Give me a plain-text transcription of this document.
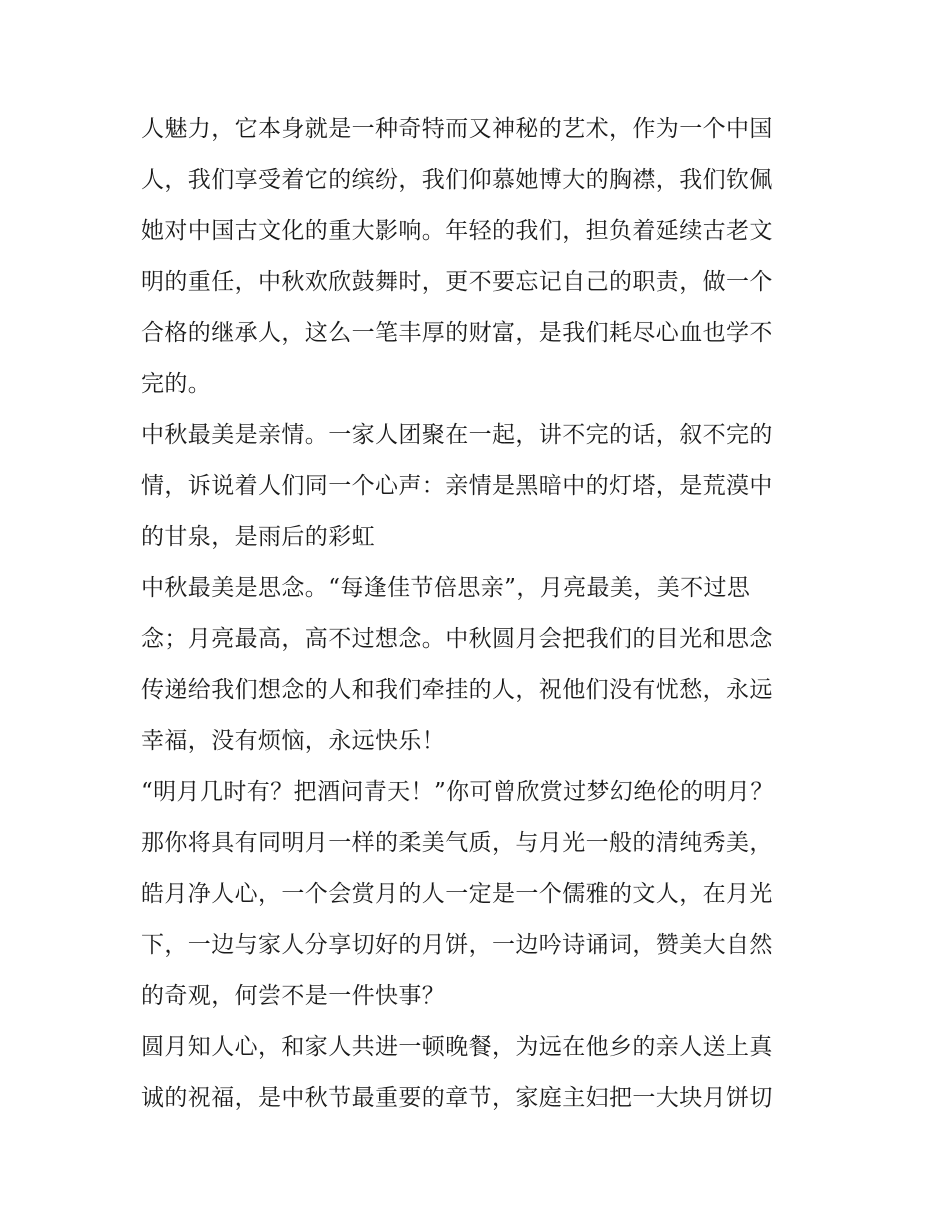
人魅力，它本身就是一种奇特而又神秘的艺术，作为一个中国
人，我们享受着它的缤纷，我们仰慕她博大的胸襟，我们钦佩
她对中国古文化的重大影响。年轻的我们，担负着延续古老文
明的重任，中秋欢欣鼓舞时，更不要忘记自己的职责，做一个
合格的继承人，这么一笔丰厚的财富，是我们耗尽心血也学不
完的。
中秋最美是亲情。一家人团聚在一起，讲不完的话，叙不完的
情，诉说着人们同一个心声：亲情是黑暗中的灯塔，是荒漠中
的甘泉，是雨后的彩虹
中秋最美是思念。“每逢佳节倍思亲”，月亮最美，美不过思
念；月亮最高，高不过想念。中秋圆月会把我们的目光和思念
传递给我们想念的人和我们牵挂的人，祝他们没有忧愁，永远
幸福，没有烦恼，永远快乐！
“明月几时有？把酒问青天！”你可曾欣赏过梦幻绝伦的明月？
那你将具有同明月一样的柔美气质，与月光一般的清纯秀美，
皓月净人心，一个会赏月的人一定是一个儒雅的文人，在月光
下，一边与家人分享切好的月饼，一边吟诗诵词，赞美大自然
的奇观，何尝不是一件快事？
圆月知人心，和家人共进一顿晚餐，为远在他乡的亲人送上真
诚的祝福，是中秋节最重要的章节，家庭主妇把一大块月饼切
